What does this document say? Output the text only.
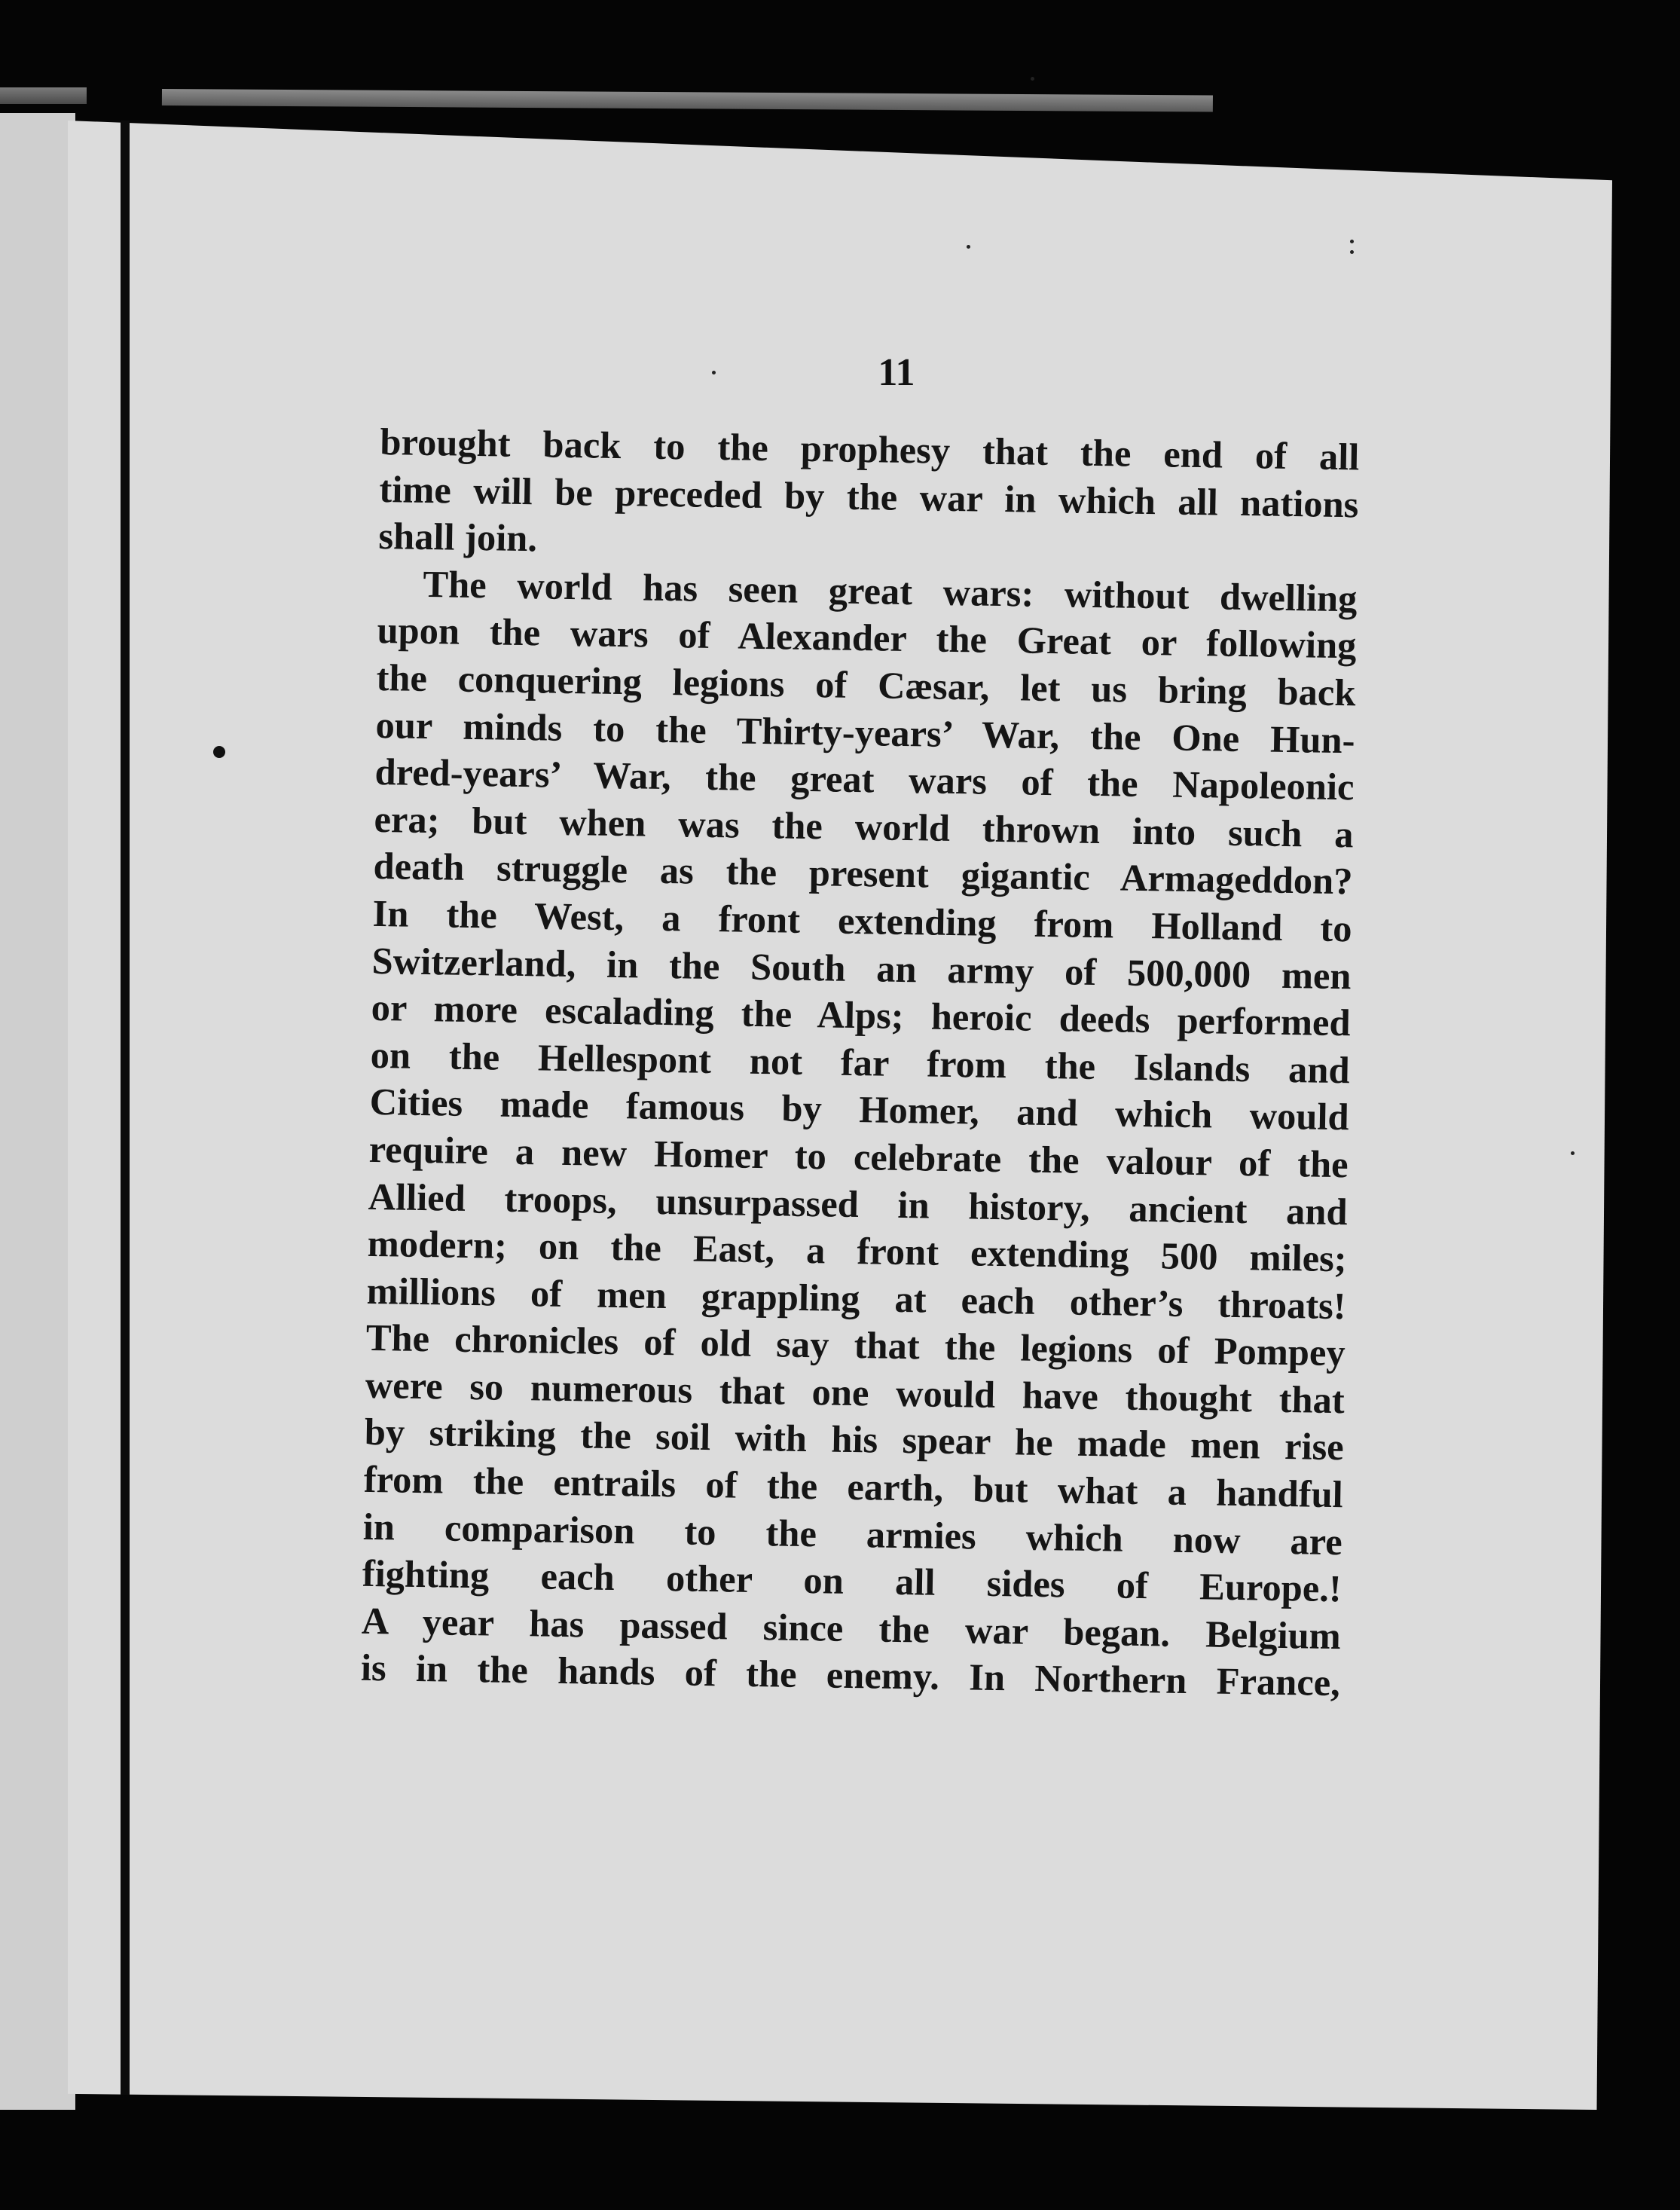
11
brought back to the prophesy that the end of all
time will be preceded by the war in which all nations
shall join.
The world has seen great wars: without dwelling
upon the wars of Alexander the Great or following
the conquering legions of Cæsar, let us bring back
our minds to the Thirty-years’ War, the One Hun-
dred-years’ War, the great wars of the Napoleonic
era; but when was the world thrown into such a
death struggle as the present gigantic Armageddon?
In the West, a front extending from Holland to
Switzerland, in the South an army of 500,000 men
or more escalading the Alps; heroic deeds performed
on the Hellespont not far from the Islands and
Cities made famous by Homer, and which would
require a new Homer to celebrate the valour of the
Allied troops, unsurpassed in history, ancient and
modern; on the East, a front extending 500 miles;
millions of men grappling at each other’s throats!
The chronicles of old say that the legions of Pompey
were so numerous that one would have thought that
by striking the soil with his spear he made men rise
from the entrails of the earth, but what a handful
in comparison to the armies which now are
fighting each other on all sides of Europe.!
A year has passed since the war began. Belgium
is in the hands of the enemy. In Northern France,
